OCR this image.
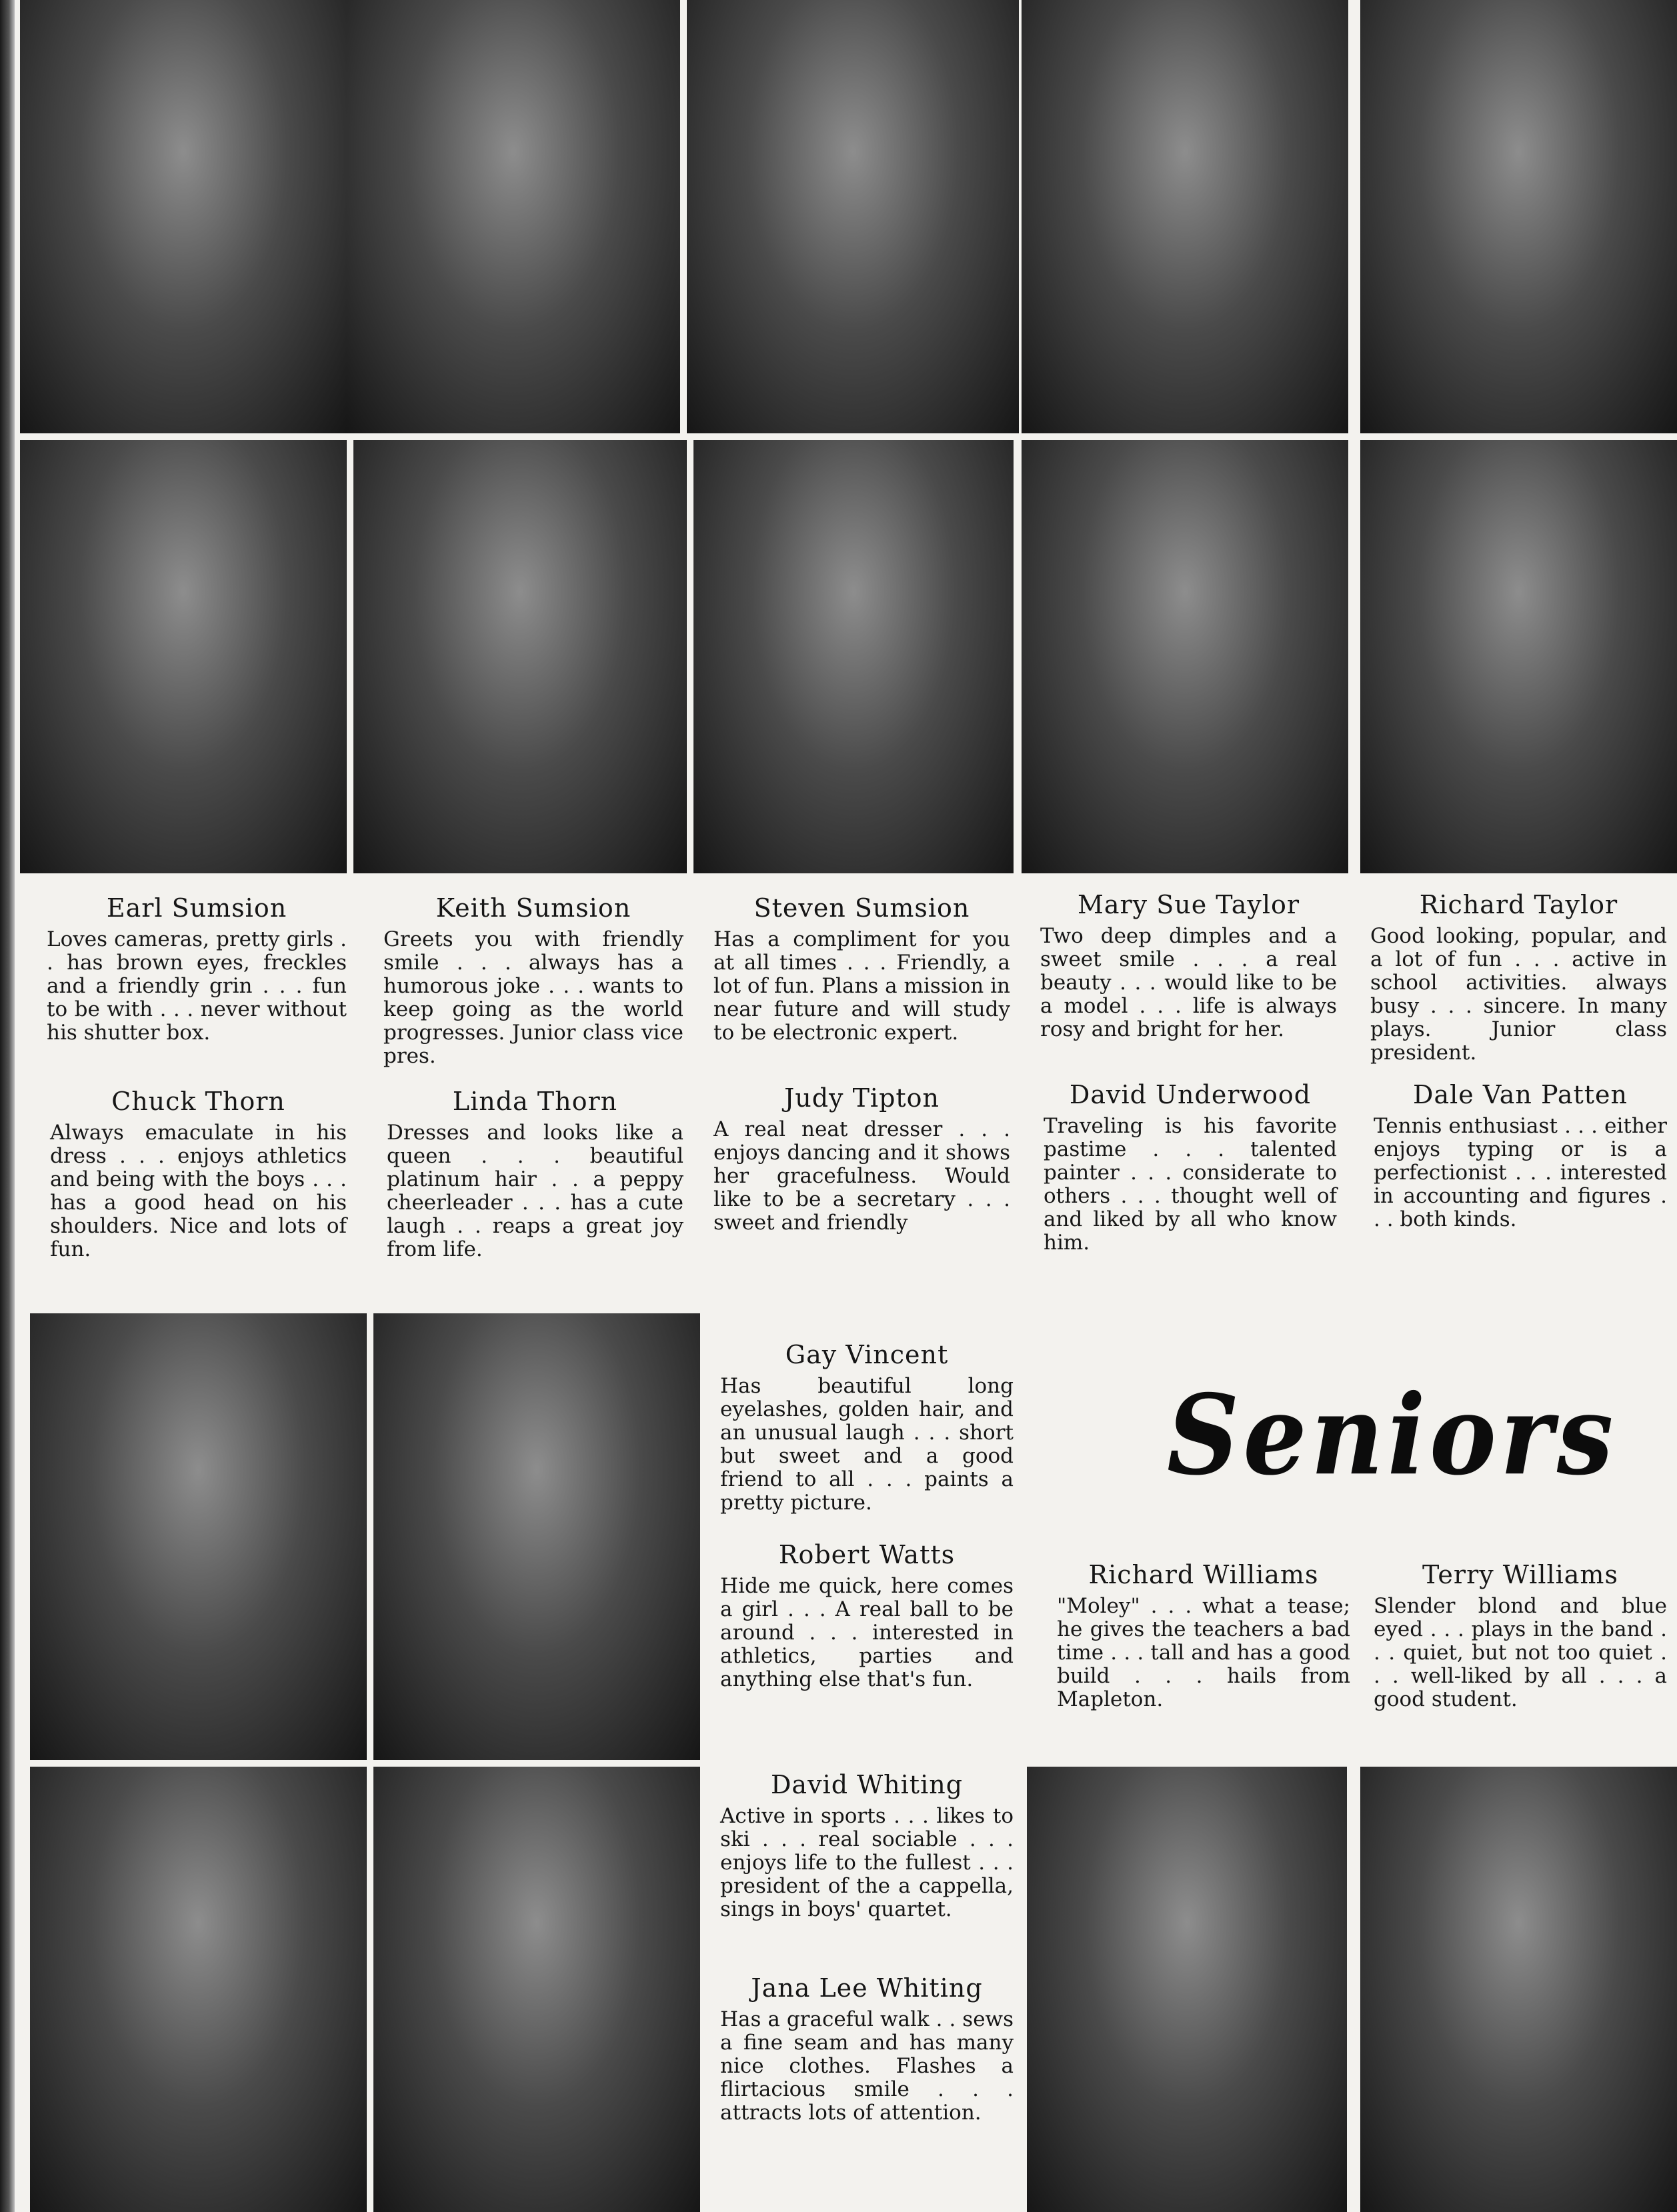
Earl Sumsion
Loves cameras, pretty girls . . has brown eyes, freckles and a friendly grin . . . fun to be with . . . never without his shutter box.
Keith Sumsion
Greets you with friendly smile . . . always has a humorous joke . . . wants to keep going as the world progresses. Junior class vice pres.
Steven Sumsion
Has a compliment for you at all times . . . Friendly, a lot of fun. Plans a mission in near future and will study to be electronic expert.
Mary Sue Taylor
Two deep dimples and a sweet smile . . . a real beauty . . . would like to be a model . . . life is always rosy and bright for her.
Richard Taylor
Good looking, popular, and a lot of fun . . . active in school activities. always busy . . . sincere. In many plays. Junior class president.
Chuck Thorn
Always emaculate in his dress . . . enjoys athletics and being with the boys . . . has a good head on his shoulders. Nice and lots of fun.
Linda Thorn
Dresses and looks like a queen . . . beautiful platinum hair . . a peppy cheerleader . . . has a cute laugh . . reaps a great joy from life.
Judy Tipton
A real neat dresser . . . enjoys dancing and it shows her gracefulness. Would like to be a secretary . . . sweet and friendly
David Underwood
Traveling is his favorite pastime . . . talented painter . . . considerate to others . . . thought well of and liked by all who know him.
Dale Van Patten
Tennis enthusiast . . . either enjoys typing or is a perfectionist . . . interested in accounting and figures . . . both kinds.
Gay Vincent
Has beautiful long eyelashes, golden hair, and an unusual laugh . . . short but sweet and a good friend to all . . . paints a pretty picture.
Robert Watts
Hide me quick, here comes a girl . . . A real ball to be around . . . interested in athletics, parties and anything else that's fun.
David Whiting
Active in sports . . . likes to ski . . . real sociable . . . enjoys life to the fullest . . . president of the a cappella, sings in boys' quartet.
Jana Lee Whiting
Has a graceful walk . . sews a fine seam and has many nice clothes. Flashes a flirtacious smile . . . attracts lots of attention.
Seniors
Richard Williams
"Moley" . . . what a tease; he gives the teachers a bad time . . . tall and has a good build . . . hails from Mapleton.
Terry Williams
Slender blond and blue eyed . . . plays in the band . . . quiet, but not too quiet . . . well-liked by all . . . a good student.
